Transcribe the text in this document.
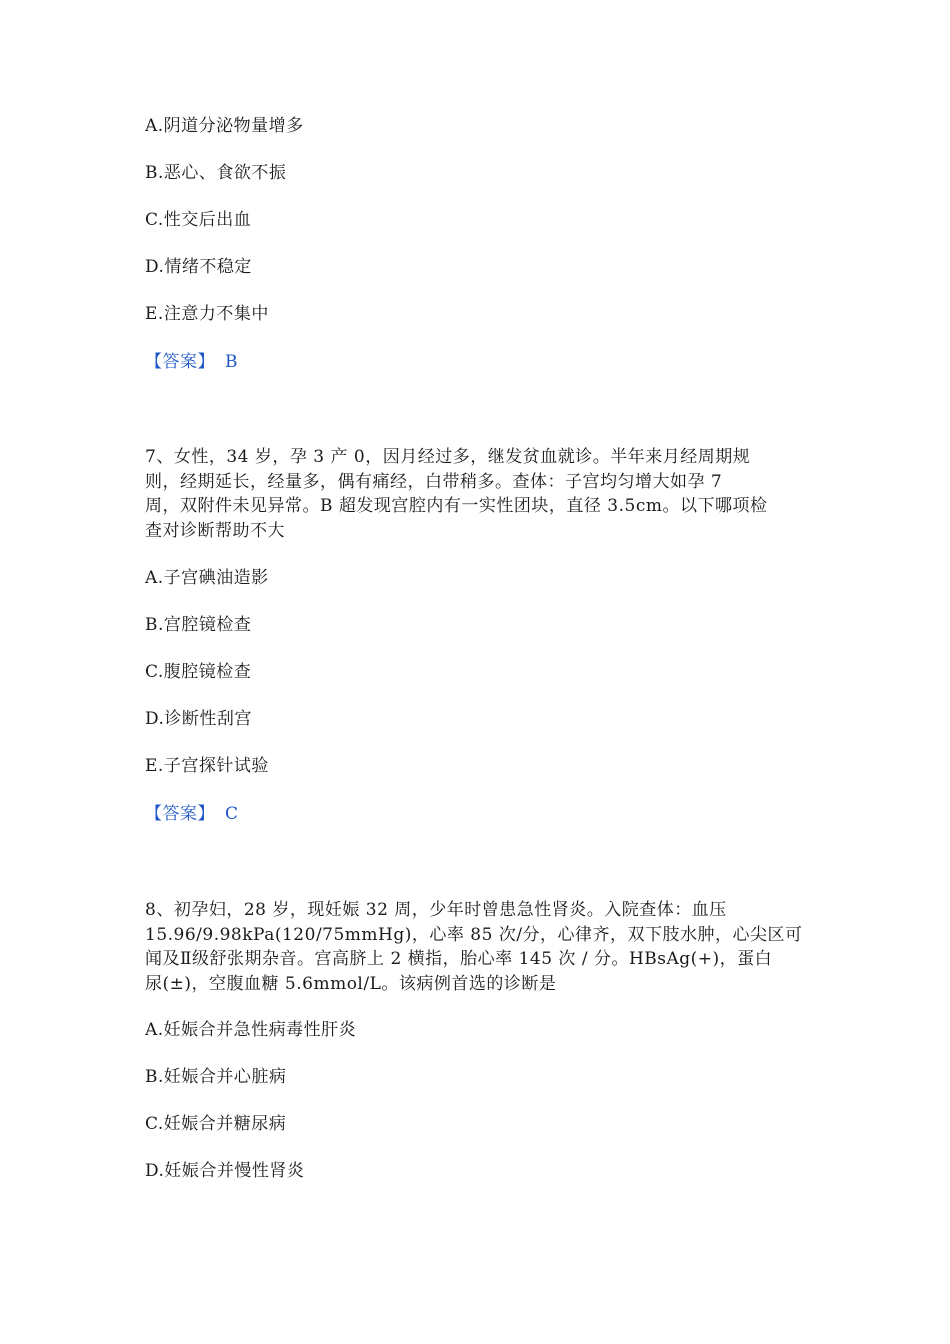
A.阴道分泌物量增多
B.恶心、食欲不振
C.性交后出血
D.情绪不稳定
E.注意力不集中
【答案】 B
7、女性，34 岁，孕 3 产 0，因月经过多，继发贫血就诊。半年来月经周期规
则，经期延长，经量多，偶有痛经，白带稍多。查体：子宫均匀增大如孕 7
周，双附件未见异常。B 超发现宫腔内有一实性团块，直径 3.5cm。以下哪项检
查对诊断帮助不大
A.子宫碘油造影
B.宫腔镜检查
C.腹腔镜检查
D.诊断性刮宫
E.子宫探针试验
【答案】 C
8、初孕妇，28 岁，现妊娠 32 周，少年时曾患急性肾炎。入院查体：血压
15.96/9.98kPa(120/75mmHg)，心率 85 次/分，心律齐，双下肢水肿，心尖区可
闻及Ⅱ级舒张期杂音。宫高脐上 2 横指，胎心率 145 次 / 分。HBsAg(+)，蛋白
尿(±)，空腹血糖 5.6mmol/L。该病例首选的诊断是
A.妊娠合并急性病毒性肝炎
B.妊娠合并心脏病
C.妊娠合并糖尿病
D.妊娠合并慢性肾炎
